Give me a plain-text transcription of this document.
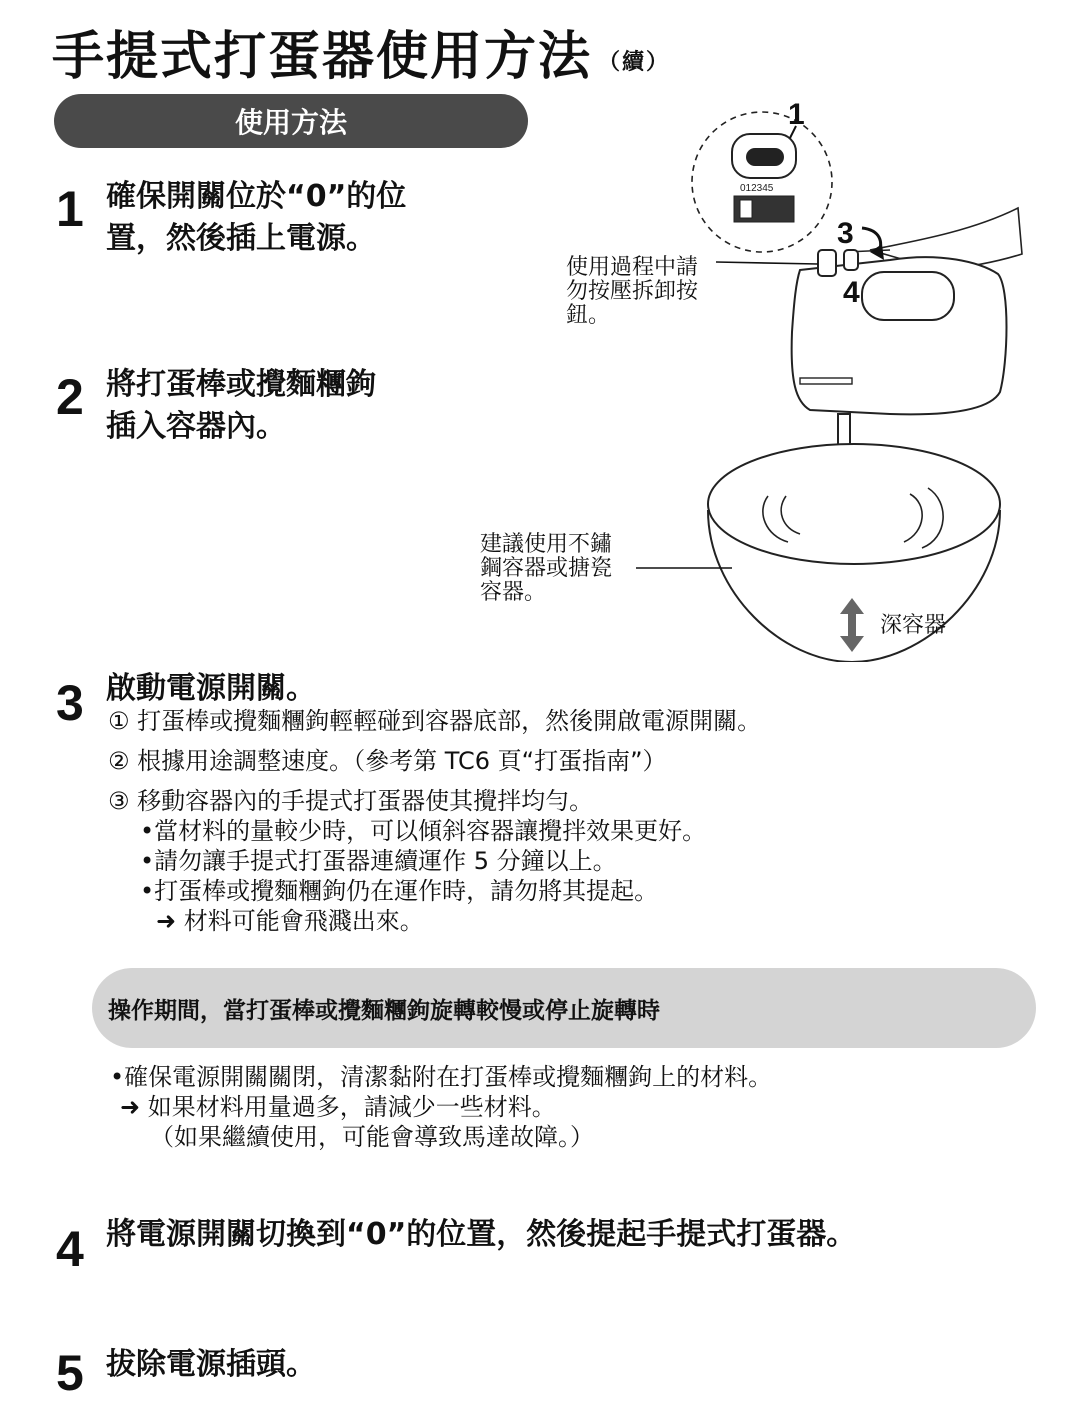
手提式打蛋器使用方法 （續）
使用方法
1 確保開關位於“0”的位
置，然後插上電源。
2 將打蛋棒或攪麵糰鉤
插入容器內。
012345
1
3
4
深容器
使用過程中請
勿按壓拆卸按
鈕。
建議使用不鏽
鋼容器或搪瓷
容器。
3 啟動電源開關。
① 打蛋棒或攪麵糰鉤輕輕碰到容器底部，然後開啟電源開關。
② 根據用途調整速度。（參考第 TC6 頁“打蛋指南”）
③ 移動容器內的手提式打蛋器使其攪拌均勻。
•當材料的量較少時，可以傾斜容器讓攪拌效果更好。
•請勿讓手提式打蛋器連續運作 5 分鐘以上。
•打蛋棒或攪麵糰鉤仍在運作時，請勿將其提起。
➜ 材料可能會飛濺出來。
操作期間，當打蛋棒或攪麵糰鉤旋轉較慢或停止旋轉時
•確保電源開關關閉，清潔黏附在打蛋棒或攪麵糰鉤上的材料。
➜ 如果材料用量過多，請減少一些材料。
（如果繼續使用，可能會導致馬達故障。）
4 將電源開關切換到“0”的位置，然後提起手提式打蛋器。
5 拔除電源插頭。
